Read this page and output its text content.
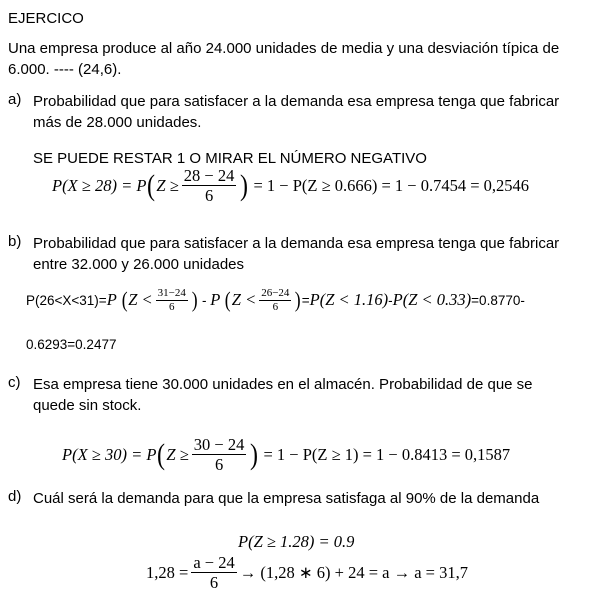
EJERCICO
Una empresa produce al año 24.000 unidades de media y una desviación típica de
6.000. ---- (24,6).
a) Probabilidad que para satisfacer a la demanda esa empresa tenga que fabricar
más de 28.000 unidades.
SE PUEDE RESTAR 1 O MIRAR EL NÚMERO NEGATIVO
P(X ≥ 28) = P ( $Z \ge \frac{28 - 24}{6}$ )
= 1 − P(Z ≥ 0.666) = 1 − 0.7454 = 0,2546
b) Probabilidad que para satisfacer a la demanda esa empresa tenga que fabricar
entre 32.000 y 26.000 unidades
P(26<X<31)= P
( $Z < \frac{31-24}{6}$ ) - P
( $Z < \frac{26-24}{6}$ ) = P(Z < 1.16) - P(Z < 0.33) =0.8770-
0.6293=0.2477
c) Esa empresa tiene 30.000 unidades en el almacén. Probabilidad de que se
quede sin stock.
P(X ≥ 30) = P ( $Z \ge \frac{30 - 24}{6}$ )
= 1 − P(Z ≥ 1) = 1 − 0.8413 = 0,1587
d) Cuál será la demanda para que la empresa satisfaga al 90% de la demanda
P(Z ≥ 1.28) = 0.9
$1,28 = \frac{a - 24}{6} \to (1,28$ ∗ 6) + 24 = a → a = 31,7
